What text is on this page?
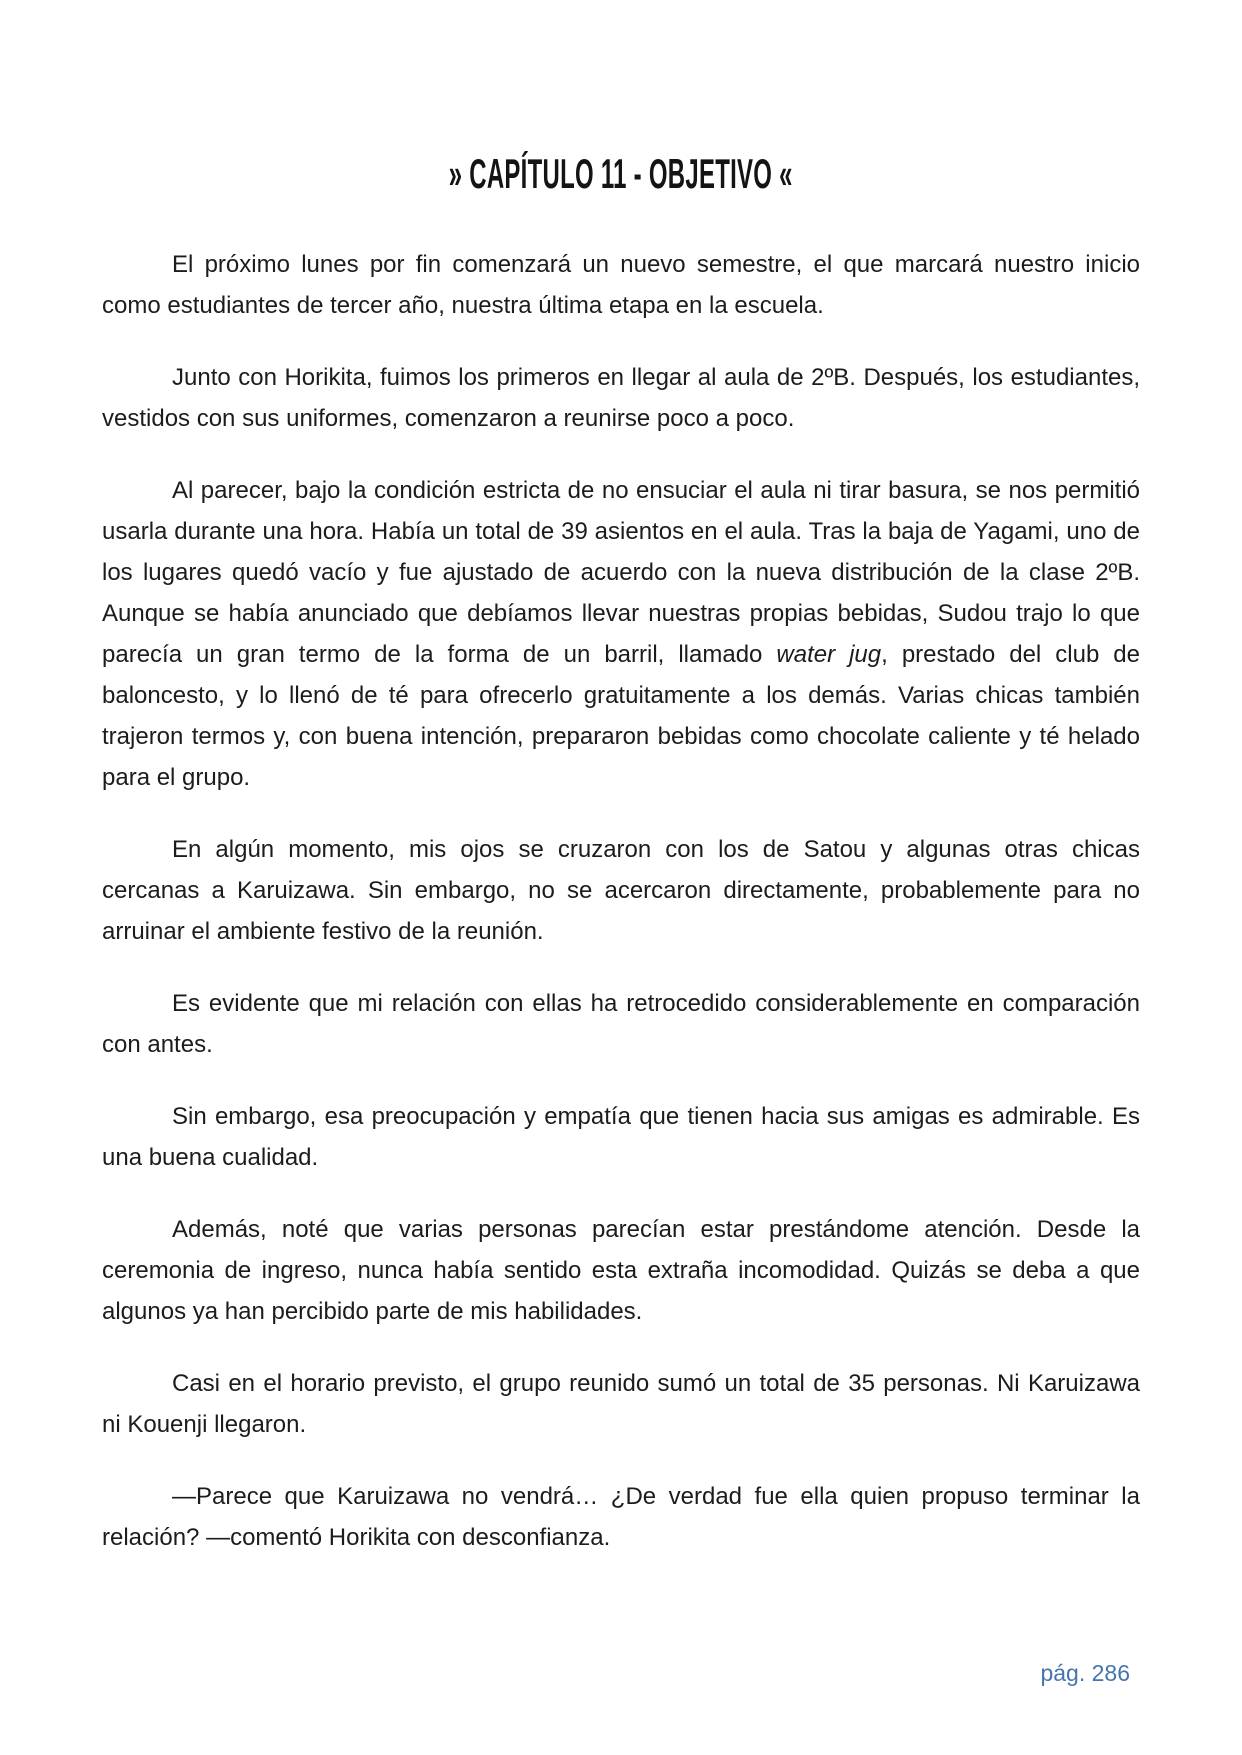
» CAPÍTULO 11 - OBJETIVO «

El próximo lunes por fin comenzará un nuevo semestre, el que marcará nuestro inicio como estudiantes de tercer año, nuestra última etapa en la escuela.

Junto con Horikita, fuimos los primeros en llegar al aula de 2ºB. Después, los estudiantes, vestidos con sus uniformes, comenzaron a reunirse poco a poco.

Al parecer, bajo la condición estricta de no ensuciar el aula ni tirar basura, se nos permitió usarla durante una hora. Había un total de 39 asientos en el aula. Tras la baja de Yagami, uno de los lugares quedó vacío y fue ajustado de acuerdo con la nueva distribución de la clase 2ºB. Aunque se había anunciado que debíamos llevar nuestras propias bebidas, Sudou trajo lo que parecía un gran termo de la forma de un barril, llamado water jug, prestado del club de baloncesto, y lo llenó de té para ofrecerlo gratuitamente a los demás. Varias chicas también trajeron termos y, con buena intención, prepararon bebidas como chocolate caliente y té helado para el grupo.

En algún momento, mis ojos se cruzaron con los de Satou y algunas otras chicas cercanas a Karuizawa. Sin embargo, no se acercaron directamente, probablemente para no arruinar el ambiente festivo de la reunión.

Es evidente que mi relación con ellas ha retrocedido considerablemente en comparación con antes.

Sin embargo, esa preocupación y empatía que tienen hacia sus amigas es admirable. Es una buena cualidad.

Además, noté que varias personas parecían estar prestándome atención. Desde la ceremonia de ingreso, nunca había sentido esta extraña incomodidad. Quizás se deba a que algunos ya han percibido parte de mis habilidades.

Casi en el horario previsto, el grupo reunido sumó un total de 35 personas. Ni Karuizawa ni Kouenji llegaron.

—Parece que Karuizawa no vendrá… ¿De verdad fue ella quien propuso terminar la relación? —comentó Horikita con desconfianza.

pág. 286
